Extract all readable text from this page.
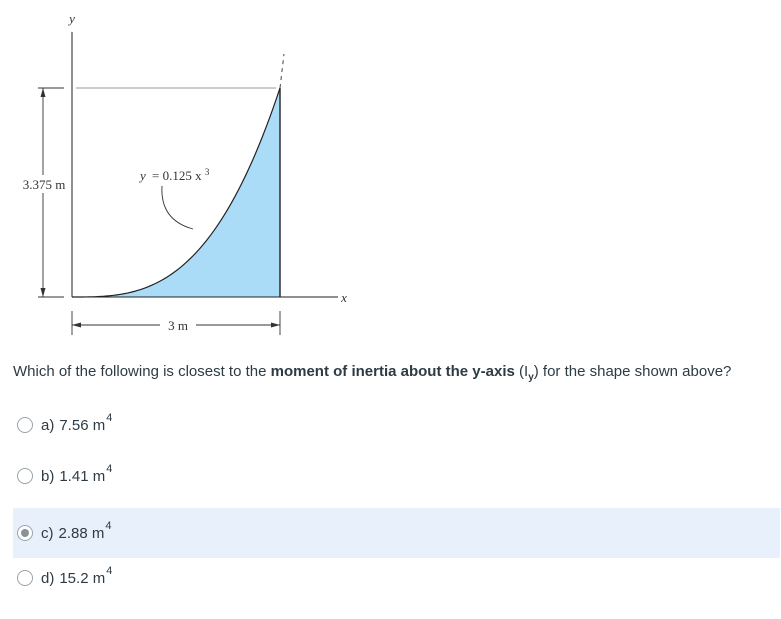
3.375 m
3 m
y
x
y = 0.125 x $^3$
Which of the following is closest to the moment of inertia about the y-axis $(I_y)$ for the shape shown above?
a) 7.56 m 4
b) 1.41 m 4
c) 2.88 m 4
d) 15.2 m 4
